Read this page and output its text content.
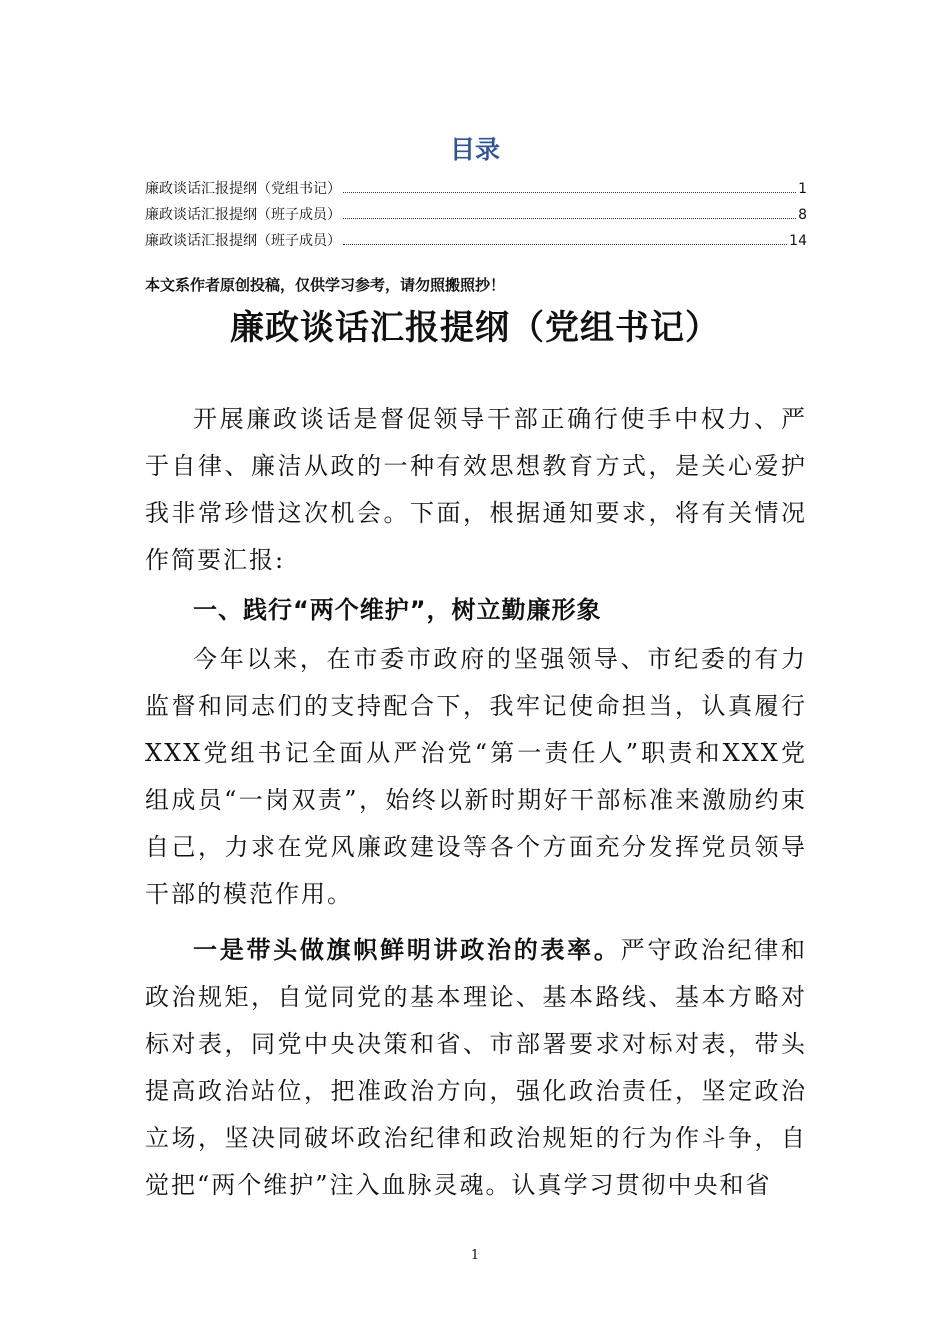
目录
廉政谈话汇报提纲（党组书记）	1
廉政谈话汇报提纲（班子成员）	8
廉政谈话汇报提纲（班子成员）	14
本文系作者原创投稿，仅供学习参考，请勿照搬照抄！
廉政谈话汇报提纲（党组书记）

开展廉政谈话是督促领导干部正确行使手中权力、严于自律、廉洁从政的一种有效思想教育方式，是关心爱护我非常珍惜这次机会。下面，根据通知要求，将有关情况作简要汇报:

一、践行“两个维护”，树立勤廉形象

今年以来，在市委市政府的坚强领导、市纪委的有力监督和同志们的支持配合下，我牢记使命担当，认真履行XXX党组书记全面从严治党“第一责任人”职责和XXX党组成员“一岗双责”，始终以新时期好干部标准来激励约束自己，力求在党风廉政建设等各个方面充分发挥党员领导干部的模范作用。

一是带头做旗帜鲜明讲政治的表率。严守政治纪律和政治规矩，自觉同党的基本理论、基本路线、基本方略对标对表，同党中央决策和省、市部署要求对标对表，带头提高政治站位，把准政治方向，强化政治责任，坚定政治立场，坚决同破坏政治纪律和政治规矩的行为作斗争，自觉把“两个维护”注入血脉灵魂。认真学习贯彻中央和省

1
